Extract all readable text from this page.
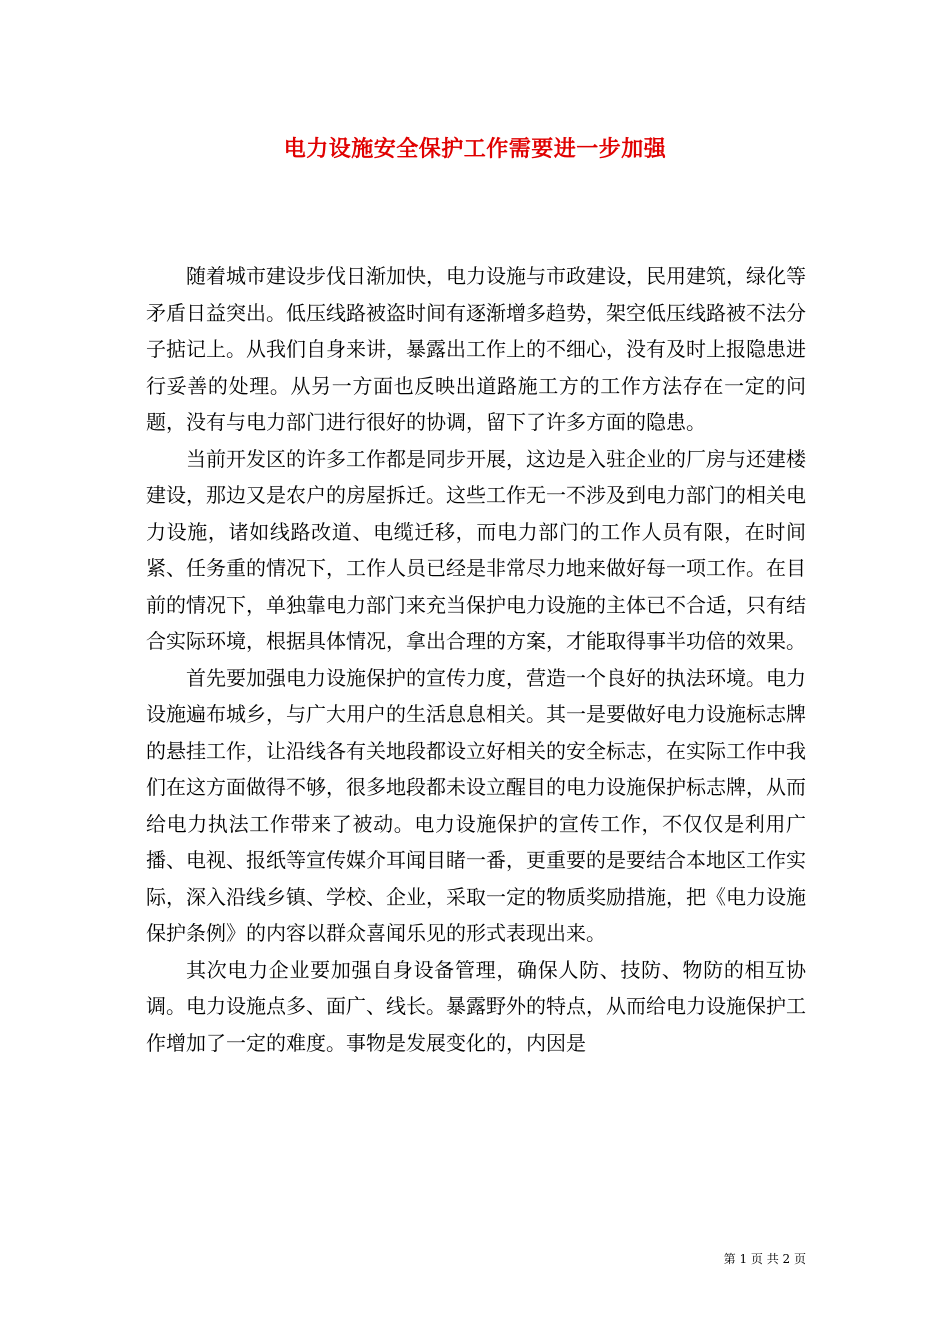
电力设施安全保护工作需要进一步加强

随着城市建设步伐日渐加快，电力设施与市政建设，民用建筑，绿化等矛盾日益突出。低压线路被盗时间有逐渐增多趋势，架空低压线路被不法分子掂记上。从我们自身来讲，暴露出工作上的不细心，没有及时上报隐患进行妥善的处理。从另一方面也反映出道路施工方的工作方法存在一定的问题，没有与电力部门进行很好的协调，留下了许多方面的隐患。

当前开发区的许多工作都是同步开展，这边是入驻企业的厂房与还建楼建设，那边又是农户的房屋拆迁。这些工作无一不涉及到电力部门的相关电力设施，诸如线路改道、电缆迁移，而电力部门的工作人员有限，在时间紧、任务重的情况下，工作人员已经是非常尽力地来做好每一项工作。在目前的情况下，单独靠电力部门来充当保护电力设施的主体已不合适，只有结合实际环境，根据具体情况，拿出合理的方案，才能取得事半功倍的效果。

首先要加强电力设施保护的宣传力度，营造一个良好的执法环境。电力设施遍布城乡，与广大用户的生活息息相关。其一是要做好电力设施标志牌的悬挂工作，让沿线各有关地段都设立好相关的安全标志，在实际工作中我们在这方面做得不够，很多地段都未设立醒目的电力设施保护标志牌，从而给电力执法工作带来了被动。电力设施保护的宣传工作，不仅仅是利用广播、电视、报纸等宣传媒介耳闻目睹一番，更重要的是要结合本地区工作实际，深入沿线乡镇、学校、企业，采取一定的物质奖励措施，把《电力设施保护条例》的内容以群众喜闻乐见的形式表现出来。

其次电力企业要加强自身设备管理，确保人防、技防、物防的相互协调。电力设施点多、面广、线长。暴露野外的特点，从而给电力设施保护工作增加了一定的难度。事物是发展变化的，内因是

第 1 页 共 2 页
